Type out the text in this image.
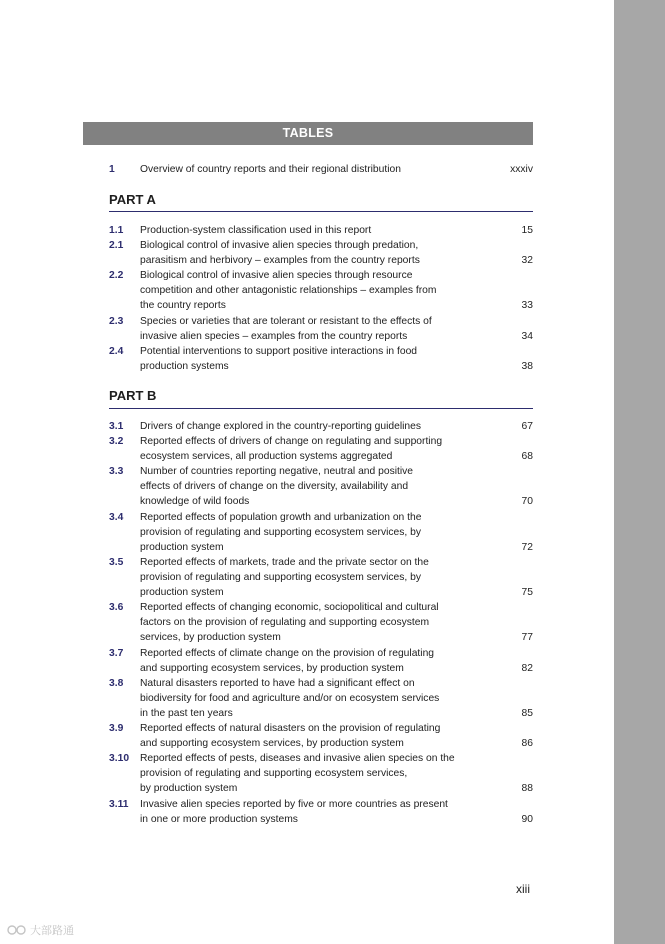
TABLES
1 Overview of country reports and their regional distribution	xxxiv
PART A
1.1 Production-system classification used in this report	15
2.1 Biological control of invasive alien species through predation,
parasitism and herbivory – examples from the country reports	32
2.2 Biological control of invasive alien species through resource
competition and other antagonistic relationships – examples from
the country reports	33
2.3 Species or varieties that are tolerant or resistant to the effects of
invasive alien species – examples from the country reports	34
2.4 Potential interventions to support positive interactions in food
production systems	38
PART B
3.1 Drivers of change explored in the country-reporting guidelines	67
3.2 Reported effects of drivers of change on regulating and supporting
ecosystem services, all production systems aggregated	68
3.3 Number of countries reporting negative, neutral and positive
effects of drivers of change on the diversity, availability and
knowledge of wild foods	70
3.4 Reported effects of population growth and urbanization on the
provision of regulating and supporting ecosystem services, by
production system	72
3.5 Reported effects of markets, trade and the private sector on the
provision of regulating and supporting ecosystem services, by
production system	75
3.6 Reported effects of changing economic, sociopolitical and cultural
factors on the provision of regulating and supporting ecosystem
services, by production system	77
3.7 Reported effects of climate change on the provision of regulating
and supporting ecosystem services, by production system	82
3.8 Natural disasters reported to have had a significant effect on
biodiversity for food and agriculture and/or on ecosystem services
in the past ten years	85
3.9 Reported effects of natural disasters on the provision of regulating
and supporting ecosystem services, by production system	86
3.10 Reported effects of pests, diseases and invasive alien species on the
provision of regulating and supporting ecosystem services,
by production system	88
3.11 Invasive alien species reported by five or more countries as present
in one or more production systems	90
xiii
大部路通
